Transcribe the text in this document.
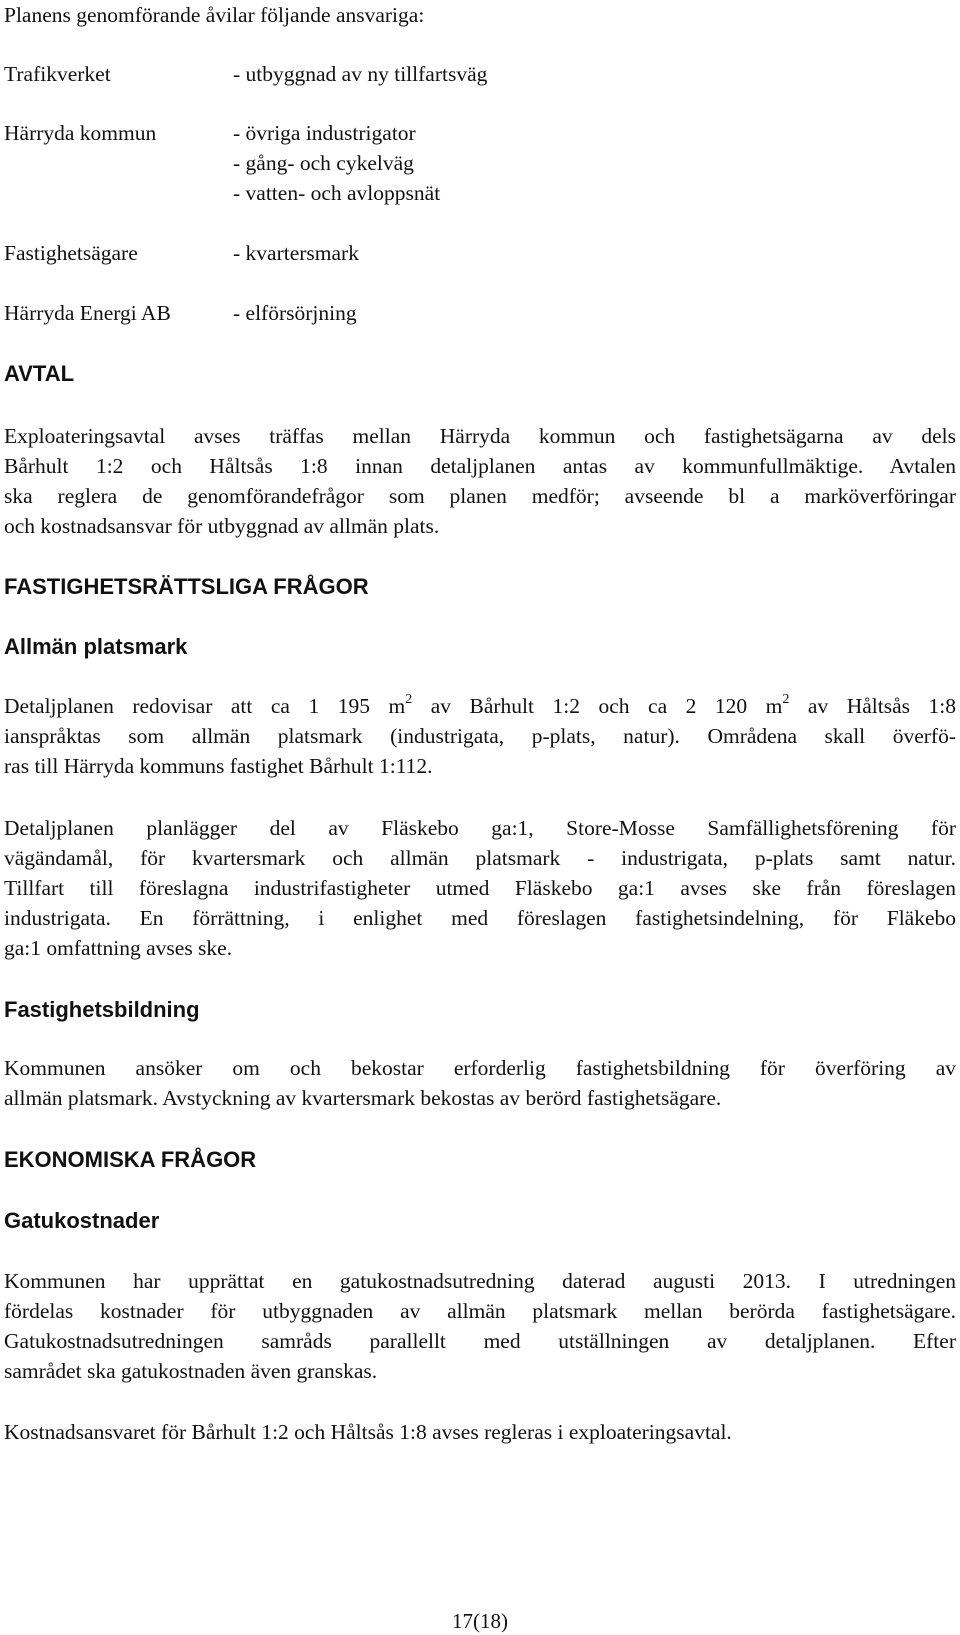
Planens genomförande åvilar följande ansvariga:
Trafikverket	- utbyggnad av ny tillfartsväg
Härryda kommun	- övriga industrigator
- gång- och cykelväg
- vatten- och avloppsnät
Fastighetsägare	- kvartersmark
Härryda Energi AB	- elförsörjning
AVTAL

Exploateringsavtal avses träffas mellan Härryda kommun och fastighetsägarna av dels
Bårhult 1:2 och Håltsås 1:8 innan detaljplanen antas av kommunfullmäktige. Avtalen
ska reglera de genomförandefrågor som planen medför; avseende bl a marköverföringar
och kostnadsansvar för utbyggnad av allmän plats.

FASTIGHETSRÄTTSLIGA FRÅGOR
Allmän platsmark

Detaljplanen redovisar att ca 1 195 $m^2$ av Bårhult 1:2 och ca 2 120 $m^2$ av Håltsås 1:8
ianspråktas som allmän platsmark (industrigata, p-plats, natur). Områdena skall överfö-
ras till Härryda kommuns fastighet Bårhult 1:112.

Detaljplanen planlägger del av Fläskebo ga:1, Store-Mosse Samfällighetsförening för
vägändamål, för kvartersmark och allmän platsmark - industrigata, p-plats samt natur.
Tillfart till föreslagna industrifastigheter utmed Fläskebo ga:1 avses ske från föreslagen
industrigata. En förrättning, i enlighet med föreslagen fastighetsindelning, för Fläkebo
ga:1 omfattning avses ske.

Fastighetsbildning

Kommunen ansöker om och bekostar erforderlig fastighetsbildning för överföring av
allmän platsmark. Avstyckning av kvartersmark bekostas av berörd fastighetsägare.

EKONOMISKA FRÅGOR
Gatukostnader

Kommunen har upprättat en gatukostnadsutredning daterad augusti 2013. I utredningen
fördelas kostnader för utbyggnaden av allmän platsmark mellan berörda fastighetsägare.
Gatukostnadsutredningen samråds parallellt med utställningen av detaljplanen. Efter
samrådet ska gatukostnaden även granskas.

Kostnadsansvaret för Bårhult 1:2 och Håltsås 1:8 avses regleras i exploateringsavtal.

17(18)
